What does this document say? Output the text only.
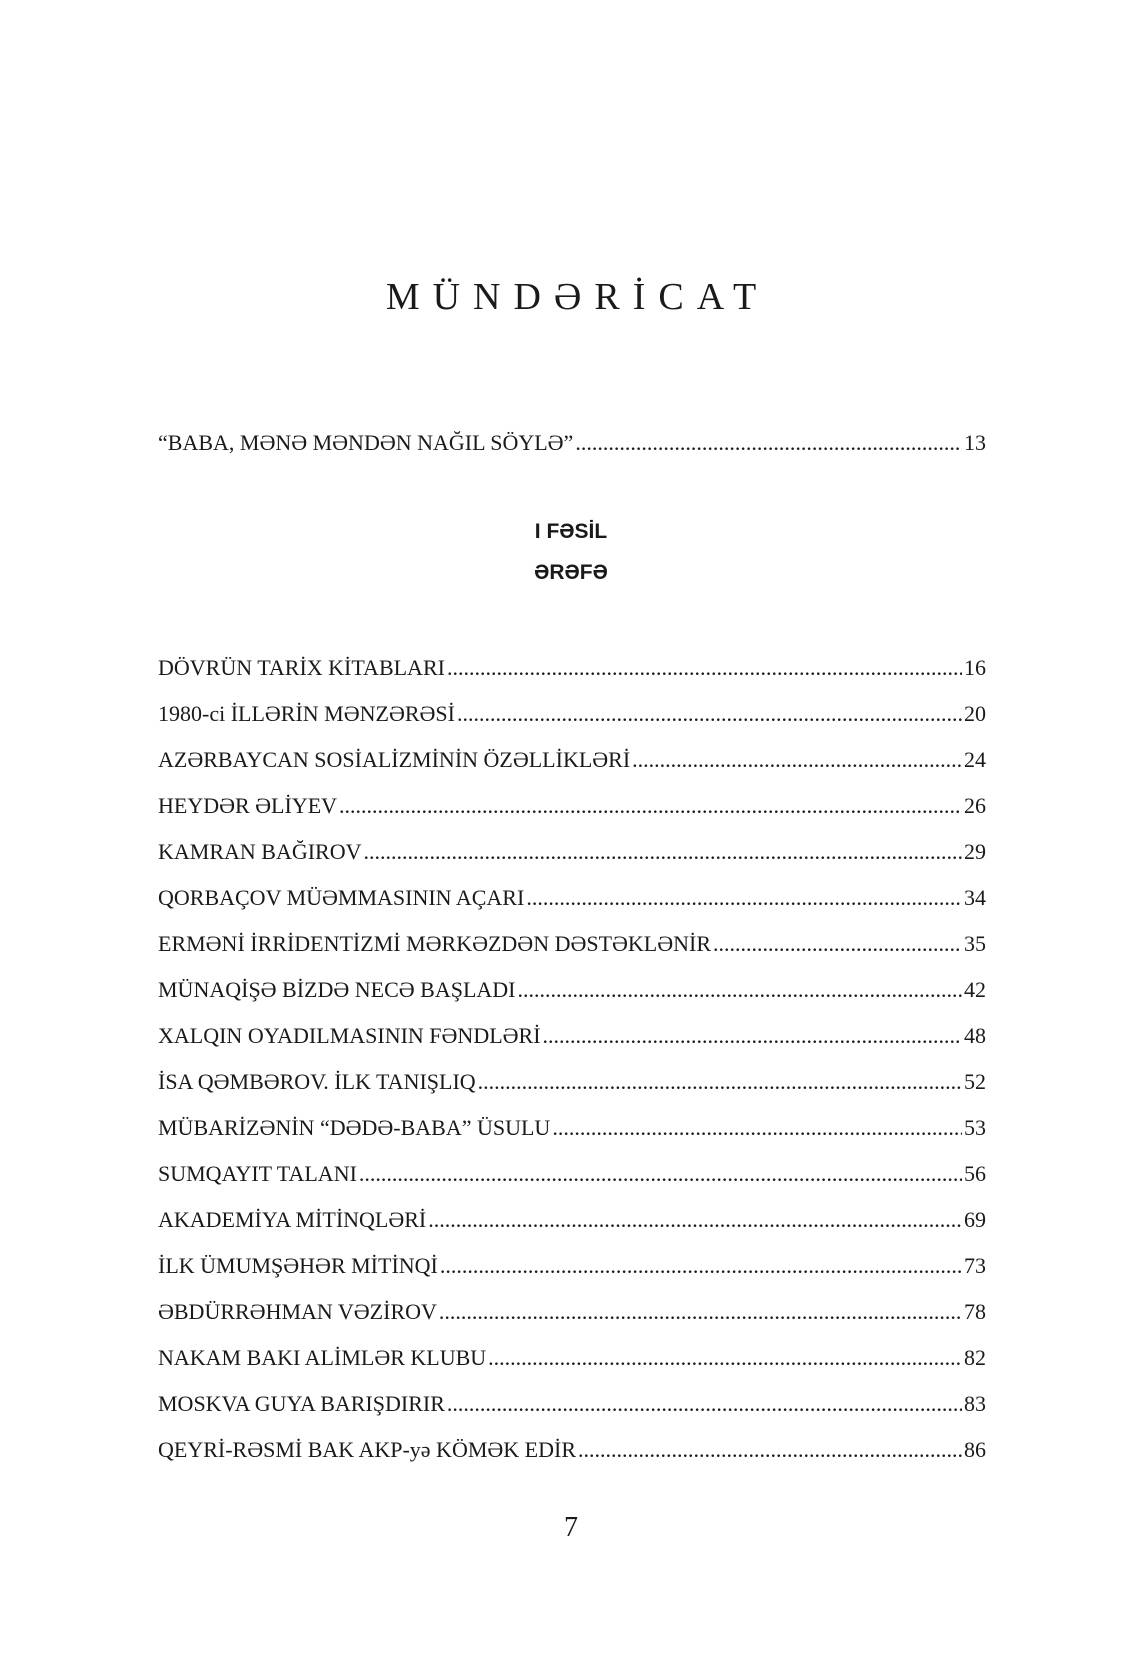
MÜNDƏRİCAT
“BABA, MƏNƏ MƏNDƏN NAĞIL SÖYLƏ” .....	13
I FƏSİL
ƏRƏFƏ
DÖVRÜN TARİX KİTABLARI .....	16
1980-ci İLLƏRİN MƏNZƏRƏSİ .....	20
AZƏRBAYCAN SOSİALİZMİNİN ÖZƏLLİKLƏRİ .....	24
HEYDƏR ƏLİYEV .....	26
KAMRAN BAĞIROV .....	29
QORBAÇOV MÜƏMMASININ AÇARI .....	34
ERMƏNİ İRRİDENTİZMİ MƏRKƏZDƏN DƏSTƏKLƏNİR .....	35
MÜNAQİŞƏ BİZDƏ NECƏ BAŞLADI .....	42
XALQIN OYADILMASININ FƏNDLƏRİ .....	48
İSA QƏMBƏROV. İLK TANIŞLIQ .....	52
MÜBARİZƏNİN “DƏDƏ-BABA” ÜSULU .....	53
SUMQAYIT TALANI .....	56
AKADEMİYA MİTİNQLƏRİ .....	69
İLK ÜMUMŞƏHƏR MİTİNQİ .....	73
ƏBDÜRRƏHMAN VƏZİROV .....	78
NAKAM BAKI ALİMLƏR KLUBU .....	82
MOSKVA GUYA BARIŞDIRIR .....	83
QEYRİ-RƏSMİ BAK AKP-yə KÖMƏK EDİR .....	86
7
